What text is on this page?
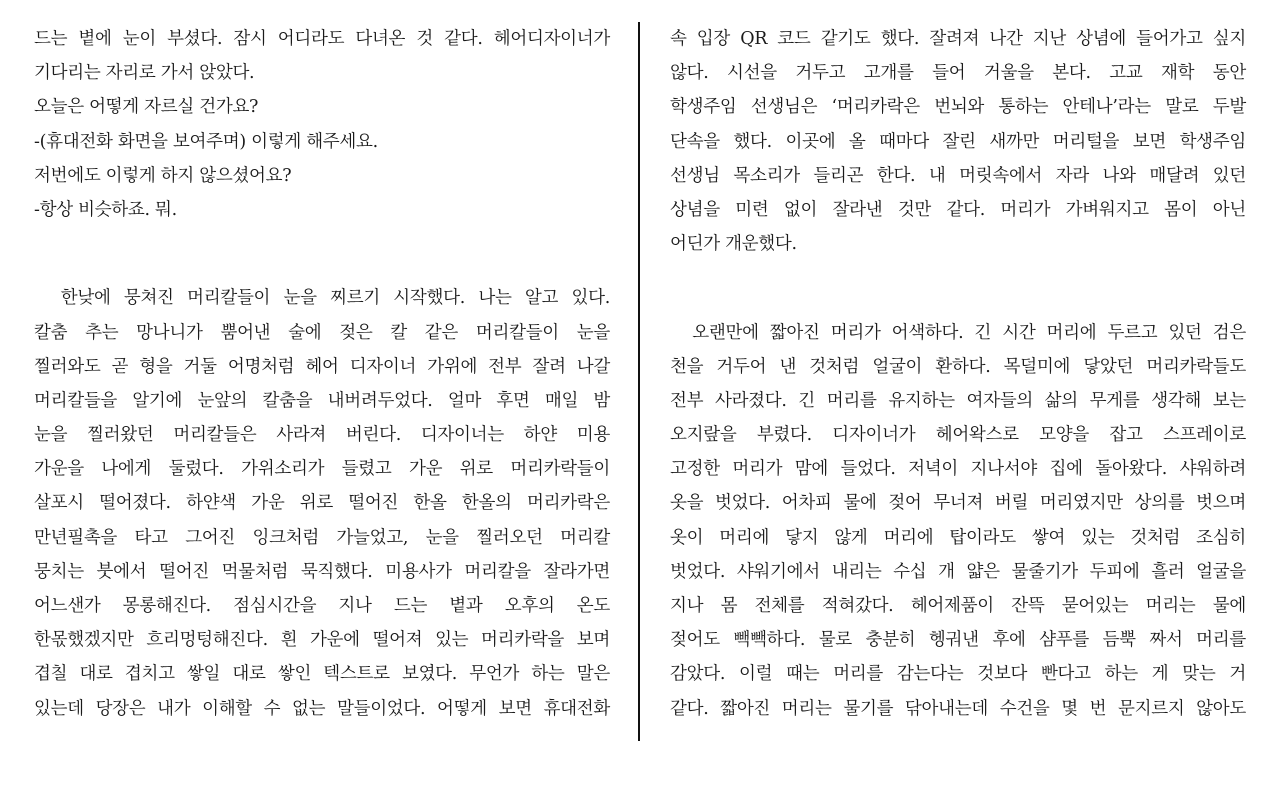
드는 볕에 눈이 부셨다. 잠시 어디라도 다녀온 것 같다. 헤어디자이너가
기다리는 자리로 가서 앉았다.
오늘은 어떻게 자르실 건가요?
-(휴대전화 화면을 보여주며) 이렇게 해주세요.
저번에도 이렇게 하지 않으셨어요?
-항상 비슷하죠. 뭐.
한낮에 뭉쳐진 머리칼들이 눈을 찌르기 시작했다. 나는 알고 있다.
칼춤 추는 망나니가 뿜어낸 술에 젖은 칼 같은 머리칼들이 눈을
찔러와도 곧 형을 거둘 어명처럼 헤어 디자이너 가위에 전부 잘려 나갈
머리칼들을 알기에 눈앞의 칼춤을 내버려두었다. 얼마 후면 매일 밤
눈을 찔러왔던 머리칼들은 사라져 버린다. 디자이너는 하얀 미용
가운을 나에게 둘렀다. 가위소리가 들렸고 가운 위로 머리카락들이
살포시 떨어졌다. 하얀색 가운 위로 떨어진 한올 한올의 머리카락은
만년필촉을 타고 그어진 잉크처럼 가늘었고, 눈을 찔러오던 머리칼
뭉치는 붓에서 떨어진 먹물처럼 묵직했다. 미용사가 머리칼을 잘라가면
어느샌가 몽롱해진다. 점심시간을 지나 드는 볕과 오후의 온도
한몫했겠지만 흐리멍텅해진다. 흰 가운에 떨어져 있는 머리카락을 보며
겹칠 대로 겹치고 쌓일 대로 쌓인 텍스트로 보였다. 무언가 하는 말은
있는데 당장은 내가 이해할 수 없는 말들이었다. 어떻게 보면 휴대전화
속 입장 QR 코드 같기도 했다. 잘려져 나간 지난 상념에 들어가고 싶지
않다. 시선을 거두고 고개를 들어 거울을 본다. 고교 재학 동안
학생주임 선생님은 ‘머리카락은 번뇌와 통하는 안테나’라는 말로 두발
단속을 했다. 이곳에 올 때마다 잘린 새까만 머리털을 보면 학생주임
선생님 목소리가 들리곤 한다. 내 머릿속에서 자라 나와 매달려 있던
상념을 미련 없이 잘라낸 것만 같다. 머리가 가벼워지고 몸이 아닌
어딘가 개운했다.
오랜만에 짧아진 머리가 어색하다. 긴 시간 머리에 두르고 있던 검은
천을 거두어 낸 것처럼 얼굴이 환하다. 목덜미에 닿았던 머리카락들도
전부 사라졌다. 긴 머리를 유지하는 여자들의 삶의 무게를 생각해 보는
오지랖을 부렸다. 디자이너가 헤어왁스로 모양을 잡고 스프레이로
고정한 머리가 맘에 들었다. 저녁이 지나서야 집에 돌아왔다. 샤워하려
옷을 벗었다. 어차피 물에 젖어 무너져 버릴 머리였지만 상의를 벗으며
옷이 머리에 닿지 않게 머리에 탑이라도 쌓여 있는 것처럼 조심히
벗었다. 샤워기에서 내리는 수십 개 얇은 물줄기가 두피에 흘러 얼굴을
지나 몸 전체를 적혀갔다. 헤어제품이 잔뜩 묻어있는 머리는 물에
젖어도 빽빽하다. 물로 충분히 헹궈낸 후에 샴푸를 듬뿍 짜서 머리를
감았다. 이럴 때는 머리를 감는다는 것보다 빤다고 하는 게 맞는 거
같다. 짧아진 머리는 물기를 닦아내는데 수건을 몇 번 문지르지 않아도
